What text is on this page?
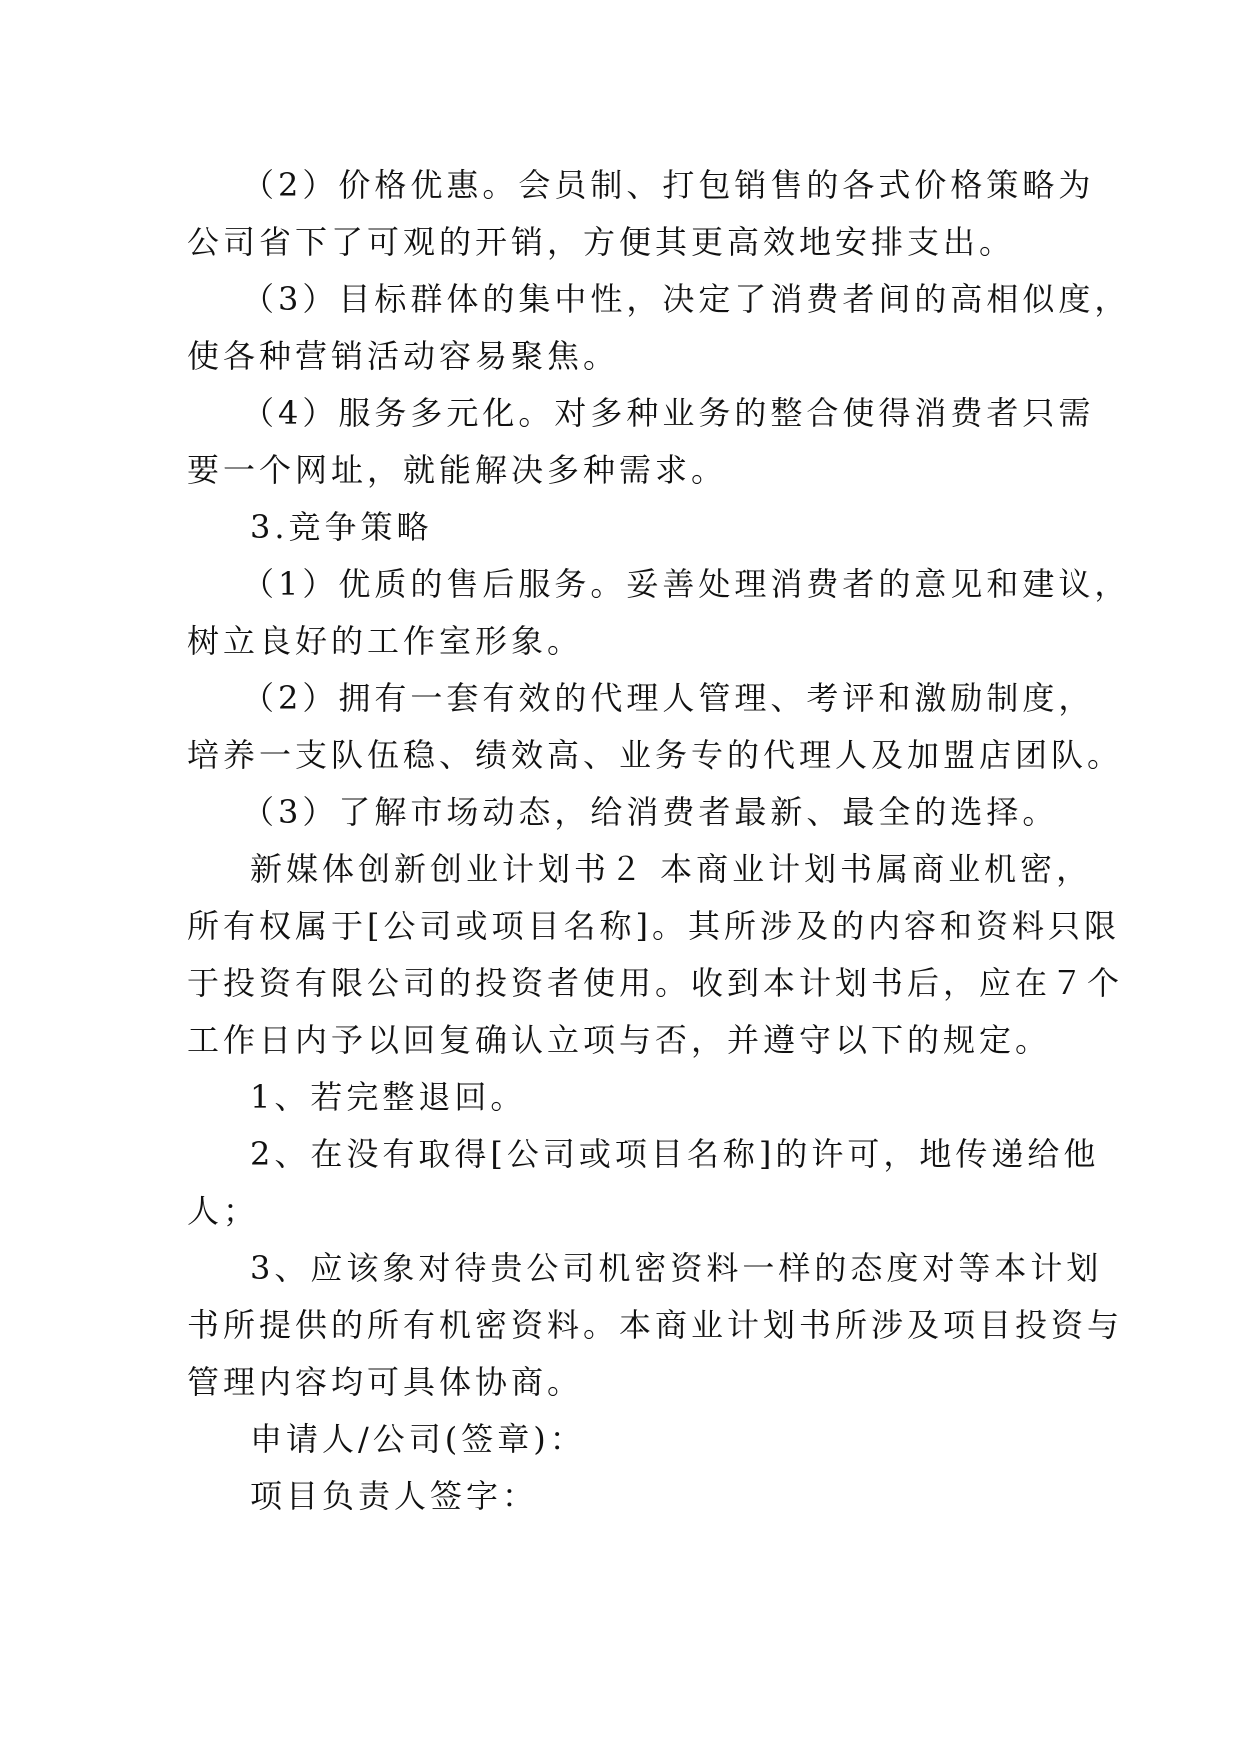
（2）价格优惠。会员制、打包销售的各式价格策略为
公司省下了可观的开销，方便其更高效地安排支出。
（3）目标群体的集中性，决定了消费者间的高相似度，
使各种营销活动容易聚焦。
（4）服务多元化。对多种业务的整合使得消费者只需
要一个网址，就能解决多种需求。
3.竞争策略
（1）优质的售后服务。妥善处理消费者的意见和建议，
树立良好的工作室形象。
（2）拥有一套有效的代理人管理、考评和激励制度，
培养一支队伍稳、绩效高、业务专的代理人及加盟店团队。
（3）了解市场动态，给消费者最新、最全的选择。
新媒体创新创业计划书２ 本商业计划书属商业机密，
所有权属于[公司或项目名称]。其所涉及的内容和资料只限
于投资有限公司的投资者使用。收到本计划书后，应在７个
工作日内予以回复确认立项与否，并遵守以下的规定。
1、若完整退回。
2、在没有取得[公司或项目名称]的许可，地传递给他
人；
3、应该象对待贵公司机密资料一样的态度对等本计划
书所提供的所有机密资料。本商业计划书所涉及项目投资与
管理内容均可具体协商。
申请人/公司(签章)：
项目负责人签字：
